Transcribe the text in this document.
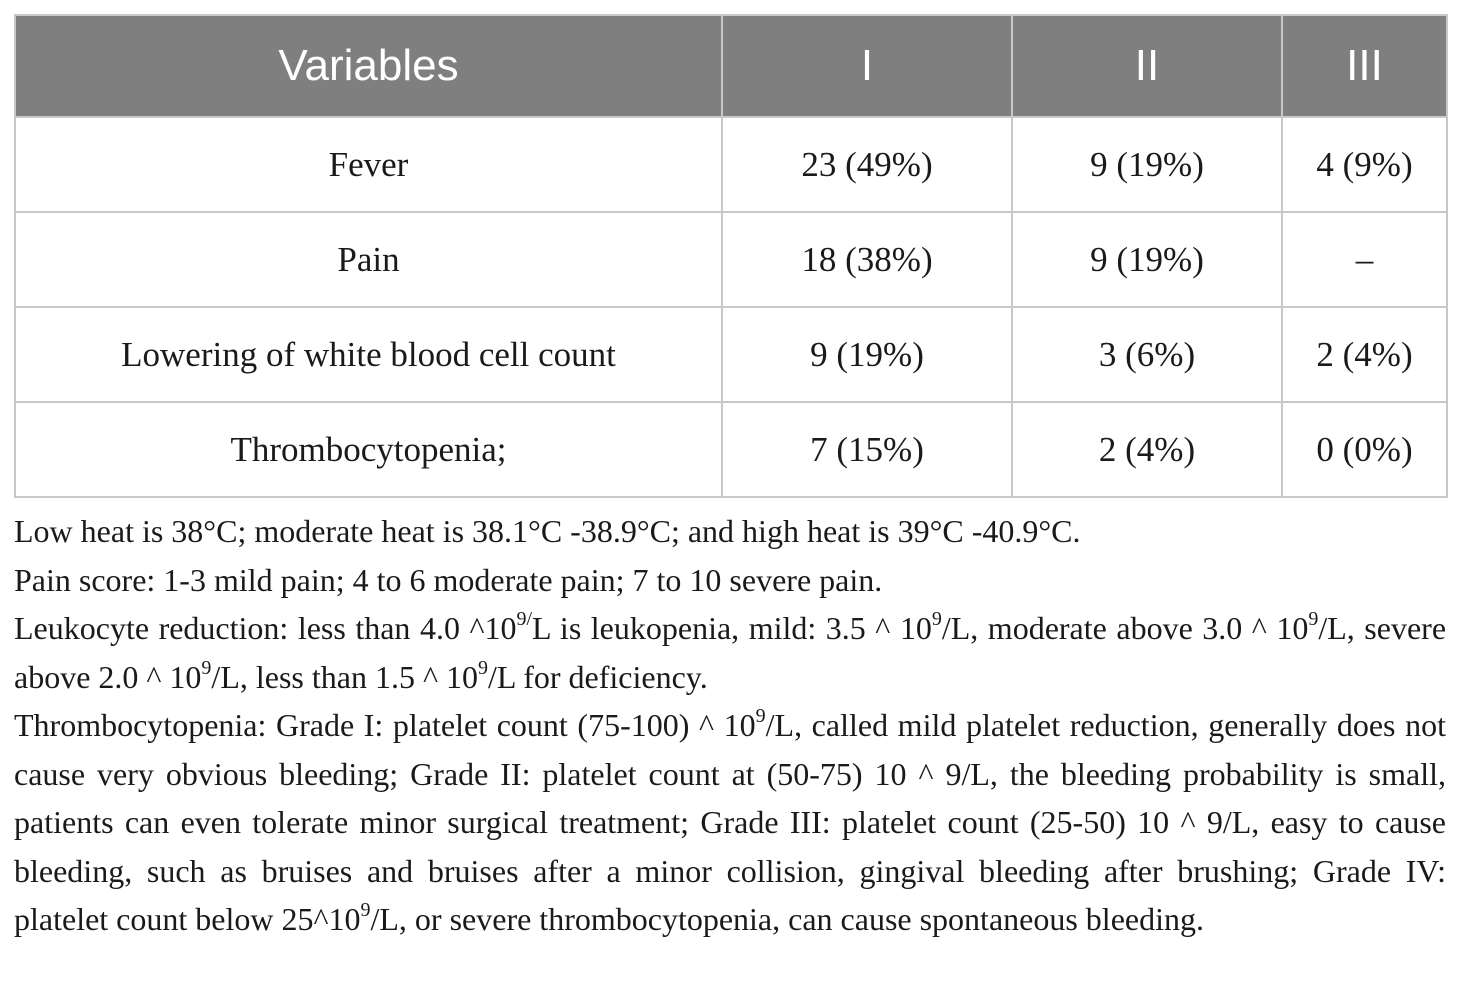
Variables	I	II	III
Fever	23 (49%)	9 (19%)	4 (9%)
Pain	18 (38%)	9 (19%)	–
Lowering of white blood cell count	9 (19%)	3 (6%)	2 (4%)
Thrombocytopenia;	7 (15%)	2 (4%)	0 (0%)

Low heat is 38°C; moderate heat is 38.1°C -38.9°C; and high heat is 39°C -40.9°C.

Pain score: 1-3 mild pain; 4 to 6 moderate pain; 7 to 10 severe pain.

Leukocyte reduction: less than 4.0 $\^{}10^{9/}L$ is leukopenia, mild: 3.5 ^ $10^9/L$, moderate above 3.0 ^ $10^9/L$, severe above 2.0 ^ $10^9/L$, less than 1.5 ^ $10^9/L$ for deficiency.

Thrombocytopenia: Grade I: platelet count (75-100) ^ $10^9/L$, called mild platelet reduction, generally does not cause very obvious bleeding; Grade II: platelet count at (50-75) 10 ^ 9/L, the bleeding probability is small, patients can even tolerate minor surgical treatment; Grade III: platelet count (25-50) 10 ^ 9/L, easy to cause bleeding, such as bruises and bruises after a minor collision, gingival bleeding after brushing; Grade IV: platelet count below $25\^{}10^9/L$, or severe thrombocytopenia, can cause spontaneous bleeding.
